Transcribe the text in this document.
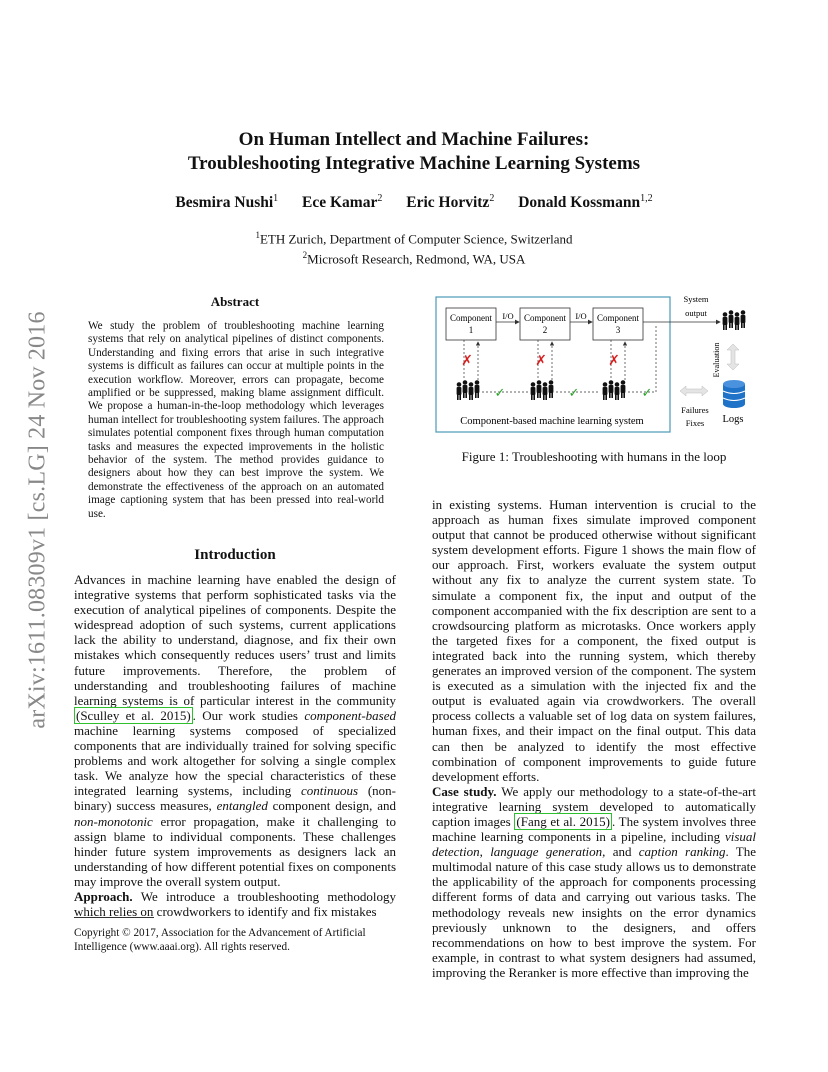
arXiv:1611.08309v1 [cs.LG] 24 Nov 2016
On Human Intellect and Machine Failures:
Troubleshooting Integrative Machine Learning Systems
Besmira Nushi$^1$ Ece Kamar$^2$ Eric Horvitz$^2$ Donald Kossmann$^{1,2}$
$^1$ETH Zurich, Department of Computer Science, Switzerland
$^2$Microsoft Research, Redmond, WA, USA
Abstract
We study the problem of troubleshooting machine learning systems that rely on analytical pipelines of distinct components. Understanding and fixing errors that arise in such integrative systems is difficult as failures can occur at multiple points in the execution workflow. Moreover, errors can propagate, become amplified or be suppressed, making blame assignment difficult. We propose a human-in-the-loop methodology which leverages human intellect for troubleshooting system failures. The approach simulates potential component fixes through human computation tasks and measures the expected improvements in the holistic behavior of the system. The method provides guidance to designers about how they can best improve the system. We demonstrate the effectiveness of the approach on an automated image captioning system that has been pressed into real-world use.
Introduction

Advances in machine learning have enabled the design of integrative systems that perform sophisticated tasks via the execution of analytical pipelines of components. Despite the widespread adoption of such systems, current applications lack the ability to understand, diagnose, and fix their own mistakes which consequently reduces users’ trust and limits future improvements. Therefore, the problem of understanding and troubleshooting failures of machine learning systems is of particular interest in the community (Sculley et al. 2015) . Our work studies component-based machine learning systems composed of specialized components that are individually trained for solving specific problems and work altogether for solving a single complex task. We analyze how the special characteristics of these integrated learning systems, including continuous (non-binary) success measures, entangled component design, and non-monotonic error propagation, make it challenging to assign blame to individual components. These challenges hinder future system improvements as designers lack an understanding of how different potential fixes on components may improve the overall system output.

Approach. We introduce a troubleshooting methodology which relies on crowdworkers to identify and fix mistakes

Copyright © 2017, Association for the Advancement of Artificial Intelligence (www.aaai.org). All rights reserved.
Component
1
Component
2
Component
3
I/O	I/O
System
output
✗	✗	✗
✓	✓	✓
Component-based machine learning system
Evaluation
Failures
Fixes Logs
Figure 1: Troubleshooting with humans in the loop

in existing systems. Human intervention is crucial to the approach as human fixes simulate improved component output that cannot be produced otherwise without significant system development efforts. Figure 1 shows the main flow of our approach. First, workers evaluate the system output without any fix to analyze the current system state. To simulate a component fix, the input and output of the component accompanied with the fix description are sent to a crowdsourcing platform as microtasks. Once workers apply the targeted fixes for a component, the fixed output is integrated back into the running system, which thereby generates an improved version of the component. The system is executed as a simulation with the injected fix and the output is evaluated again via crowdworkers. The overall process collects a valuable set of log data on system failures, human fixes, and their impact on the final output. This data can then be analyzed to identify the most effective combination of component improvements to guide future development efforts.

Case study. We apply our methodology to a state-of-the-art integrative learning system developed to automatically caption images (Fang et al. 2015) . The system involves three machine learning components in a pipeline, including visual detection, language generation, and caption ranking. The multimodal nature of this case study allows us to demonstrate the applicability of the approach for components processing different forms of data and carrying out various tasks. The methodology reveals new insights on the error dynamics previously unknown to the designers, and offers recommendations on how to best improve the system. For example, in contrast to what system designers had assumed, improving the Reranker is more effective than improving the
